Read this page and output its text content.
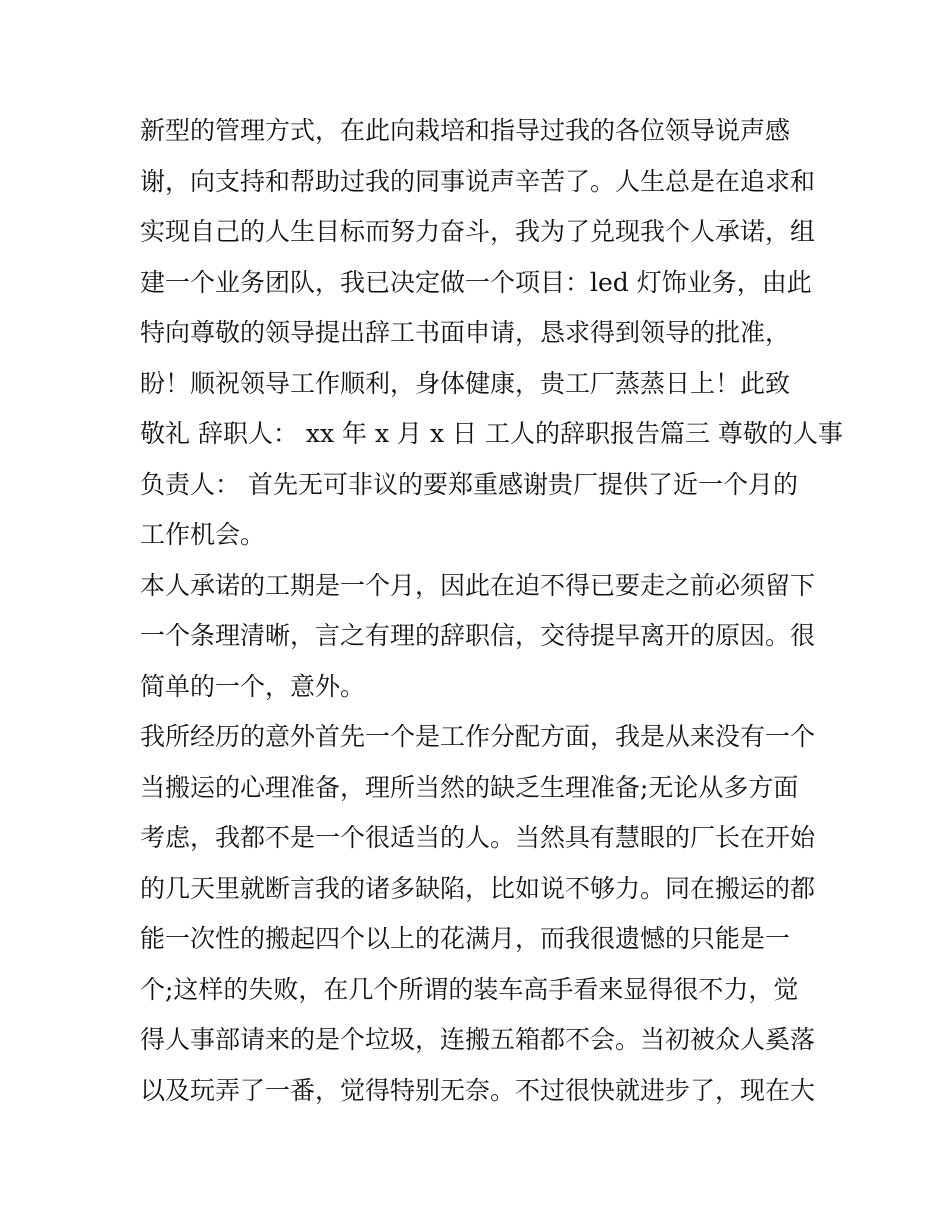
新型的管理方式，在此向栽培和指导过我的各位领导说声感
谢，向支持和帮助过我的同事说声辛苦了。人生总是在追求和
实现自己的人生目标而努力奋斗，我为了兑现我个人承诺，组
建一个业务团队，我已决定做一个项目：led 灯饰业务，由此
特向尊敬的领导提出辞工书面申请，恳求得到领导的批准，
盼！顺祝领导工作顺利，身体健康，贵工厂蒸蒸日上！此致
敬礼 辞职人： xx 年 x 月 x 日 工人的辞职报告篇三 尊敬的人事
负责人： 首先无可非议的要郑重感谢贵厂提供了近一个月的
工作机会。
本人承诺的工期是一个月，因此在迫不得已要走之前必须留下
一个条理清晰，言之有理的辞职信，交待提早离开的原因。很
简单的一个，意外。
我所经历的意外首先一个是工作分配方面，我是从来没有一个
当搬运的心理准备，理所当然的缺乏生理准备;无论从多方面
考虑，我都不是一个很适当的人。当然具有慧眼的厂长在开始
的几天里就断言我的诸多缺陷，比如说不够力。同在搬运的都
能一次性的搬起四个以上的花满月，而我很遗憾的只能是一
个;这样的失败，在几个所谓的装车高手看来显得很不力，觉
得人事部请来的是个垃圾，连搬五箱都不会。当初被众人奚落
以及玩弄了一番，觉得特别无奈。不过很快就进步了，现在大
